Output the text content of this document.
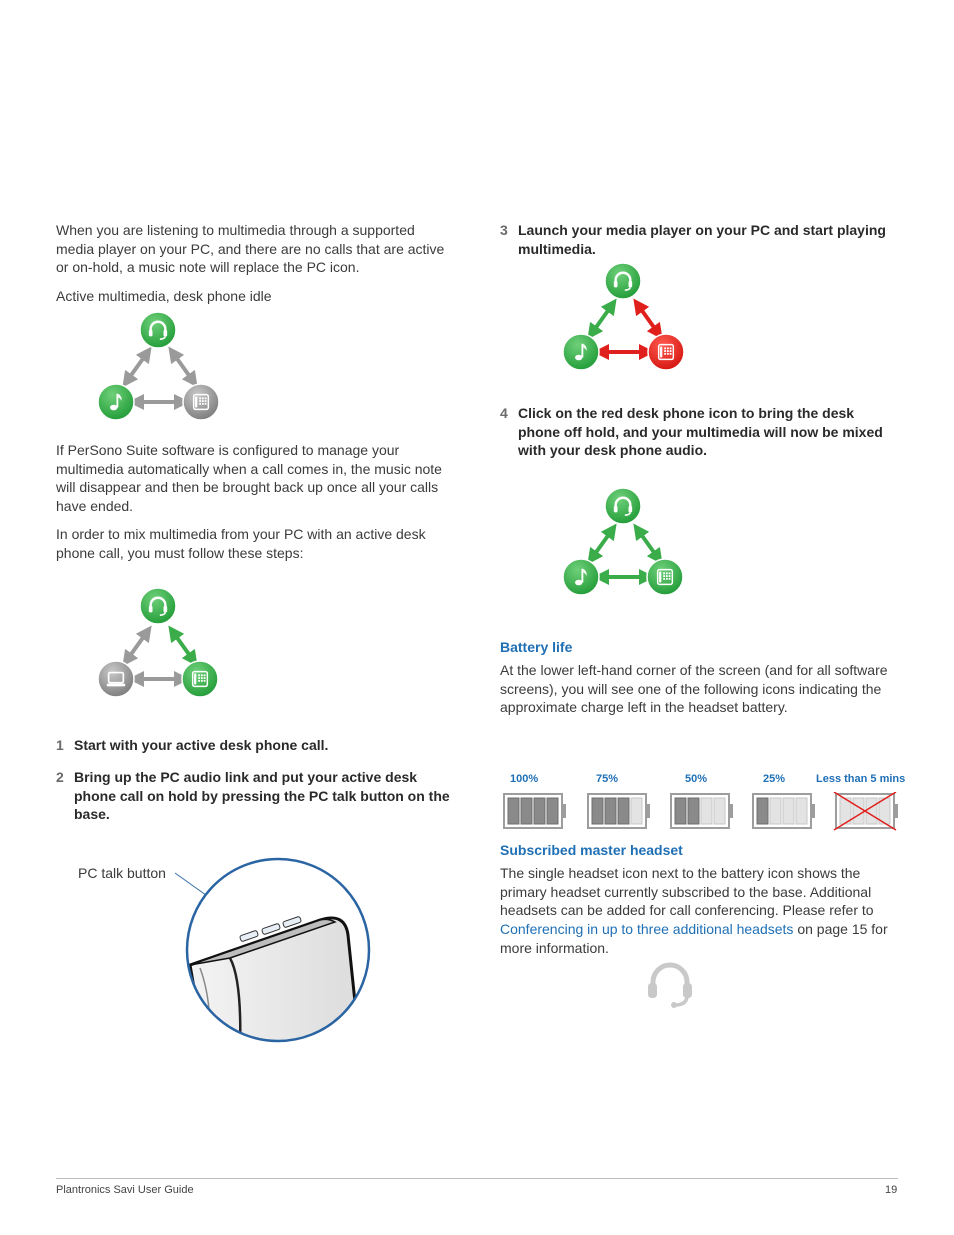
When you are listening to multimedia through a supported media player on your PC, and there are no calls that are active or on-hold, a music note will replace the PC icon.

Active multimedia, desk phone idle

If PerSono Suite software is configured to manage your multimedia automatically when a call comes in, the music note will disappear and then be brought back up once all your calls have ended.

In order to mix multimedia from your PC with an active desk phone call, you must follow these steps:

1 Start with your active desk phone call.
2 Bring up the PC audio link and put your active desk phone call on hold by pressing the PC talk button on the base.
PC talk button
3 Launch your media player on your PC and start playing multimedia.
4 Click on the red desk phone icon to bring the desk phone off hold, and your multimedia will now be mixed with your desk phone audio.
Battery life

At the lower left-hand corner of the screen (and for all software screens), you will see one of the following icons indicating the approximate charge left in the headset battery.

100%	75%	50%	25%	Less than 5 mins
Subscribed master headset

The single headset icon next to the battery icon shows the primary headset currently subscribed to the base. Additional headsets can be added for call conferencing. Please refer to Conferencing in up to three additional headsets on page 15 for more information.

Plantronics Savi User Guide	19
